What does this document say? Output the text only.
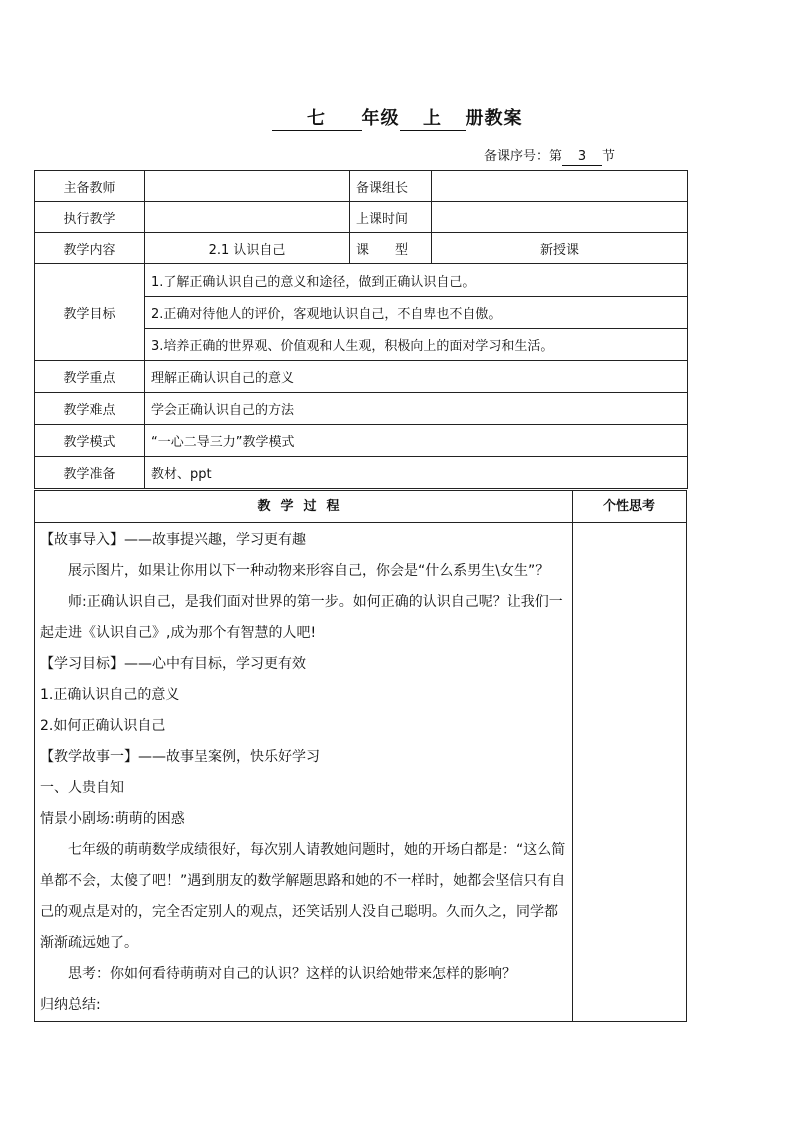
七 年级 上 册教案
备课序号：第 3 节
主备教师		备课组长	
执行教学		上课时间	
教学内容	2.1 认识自己	课　　型	新授课
教学目标	1.了解正确认识自己的意义和途径，做到正确认识自己。		
	2.正确对待他人的评价，客观地认识自己，不自卑也不自傲。		
	3.培养正确的世界观、价值观和人生观，积极向上的面对学习和生活。		
教学重点	理解正确认识自己的意义		
教学难点	学会正确认识自己的方法		
教学模式	“一心二导三力”教学模式		
教学准备	教材、ppt		
教学过程	个性思考

【故事导入】——故事提兴趣，学习更有趣

展示图片，如果让你用以下一种动物来形容自己，你会是“什么系男生\女生”？

师:正确认识自己，是我们面对世界的第一步。如何正确的认识自己呢？让我们一起走进《认识自己》,成为那个有智慧的人吧!

【学习目标】——心中有目标，学习更有效

1.正确认识自己的意义

2.如何正确认识自己

【教学故事一】——故事呈案例，快乐好学习

一、人贵自知

情景小剧场:萌萌的困惑

七年级的萌萌数学成绩很好，每次别人请教她问题时，她的开场白都是：“这么简单都不会，太傻了吧！”遇到朋友的数学解题思路和她的不一样时，她都会坚信只有自己的观点是对的，完全否定别人的观点，还笑话别人没自己聪明。久而久之，同学都渐渐疏远她了。

思考：你如何看待萌萌对自己的认识？这样的认识给她带来怎样的影响？

归纳总结:
